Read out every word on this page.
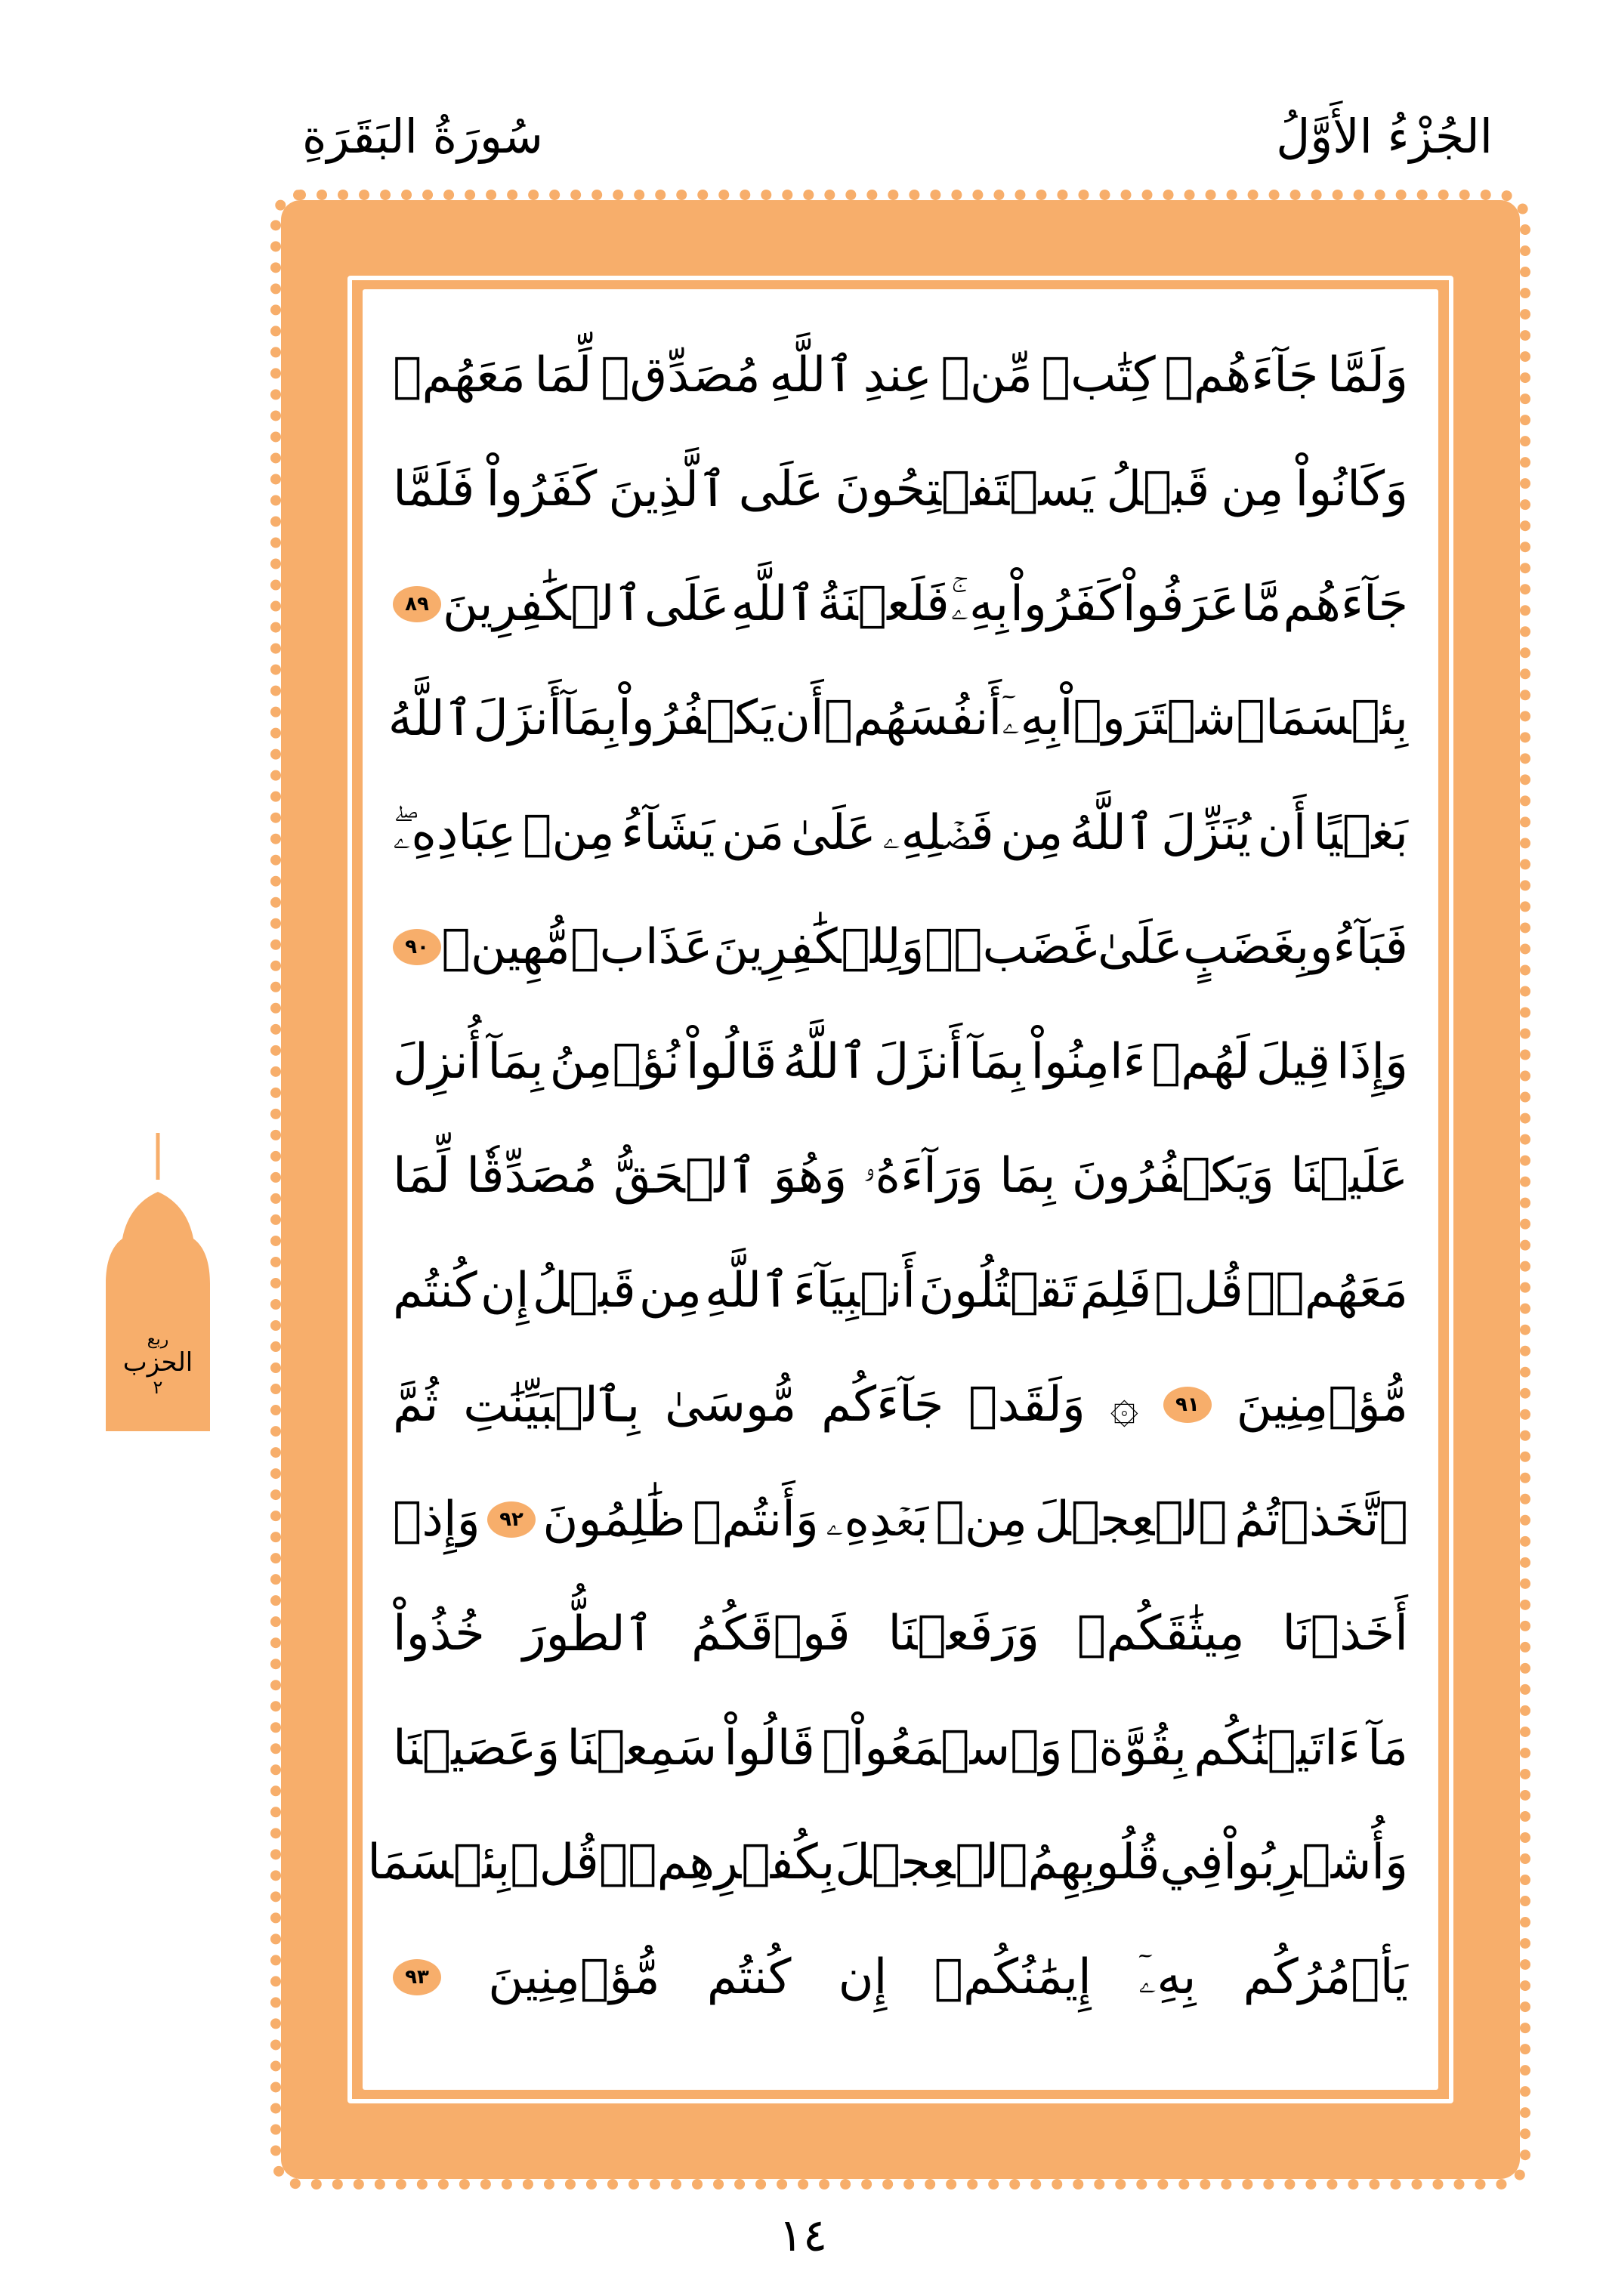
الجُزْءُ الأَوَّلُ
سُورَةُ البَقَرَةِ
وَلَمَّا
جَآءَهُمۡ
كِتَٰبٞ
مِّنۡ
عِندِ
ٱللَّهِ
مُصَدِّقٞ
لِّمَا
مَعَهُمۡ
وَكَانُواْ
مِن
قَبۡلُ
يَسۡتَفۡتِحُونَ
عَلَى
ٱلَّذِينَ
كَفَرُواْ
فَلَمَّا
جَآءَهُم
مَّا
عَرَفُواْ
كَفَرُواْ
بِهِۦۚ
فَلَعۡنَةُ
ٱللَّهِ
عَلَى
ٱلۡكَٰفِرِينَ
٨٩
بِئۡسَمَا
ٱشۡتَرَوۡاْ
بِهِۦٓ
أَنفُسَهُمۡ
أَن
يَكۡفُرُواْ
بِمَآ
أَنزَلَ
ٱللَّهُ
بَغۡيًا
أَن
يُنَزِّلَ
ٱللَّهُ
مِن
فَضۡلِهِۦ
عَلَىٰ
مَن
يَشَآءُ
مِنۡ
عِبَادِهِۦۖ
فَبَآءُو
بِغَضَبٍ
عَلَىٰ
غَضَبٖۚ
وَلِلۡكَٰفِرِينَ
عَذَابٞ
مُّهِينٞ
٩٠
وَإِذَا
قِيلَ
لَهُمۡ
ءَامِنُواْ
بِمَآ
أَنزَلَ
ٱللَّهُ
قَالُواْ
نُؤۡمِنُ
بِمَآ
أُنزِلَ
عَلَيۡنَا
وَيَكۡفُرُونَ
بِمَا
وَرَآءَهُۥ
وَهُوَ
ٱلۡحَقُّ
مُصَدِّقٗا
لِّمَا
مَعَهُمۡۗ
قُلۡ
فَلِمَ
تَقۡتُلُونَ
أَنۢبِيَآءَ
ٱللَّهِ
مِن
قَبۡلُ
إِن
كُنتُم
مُّؤۡمِنِينَ
٩١
۞
وَلَقَدۡ
جَآءَكُم
مُّوسَىٰ
بِٱلۡبَيِّنَٰتِ
ثُمَّ
ٱتَّخَذۡتُمُ
ٱلۡعِجۡلَ
مِنۢ
بَعۡدِهِۦ
وَأَنتُمۡ
ظَٰلِمُونَ
٩٢
وَإِذۡ
أَخَذۡنَا
مِيثَٰقَكُمۡ
وَرَفَعۡنَا
فَوۡقَكُمُ
ٱلطُّورَ
خُذُواْ
مَآ
ءَاتَيۡنَٰكُم
بِقُوَّةٖ
وَٱسۡمَعُواْۖ
قَالُواْ
سَمِعۡنَا
وَعَصَيۡنَا
وَأُشۡرِبُواْ
فِي
قُلُوبِهِمُ
ٱلۡعِجۡلَ
بِكُفۡرِهِمۡۚ
قُلۡ
بِئۡسَمَا
يَأۡمُرُكُم
بِهِۦٓ
إِيمَٰنُكُمۡ
إِن
كُنتُم
مُّؤۡمِنِينَ
٩٣
ربع
الحزب
٢
١٤
